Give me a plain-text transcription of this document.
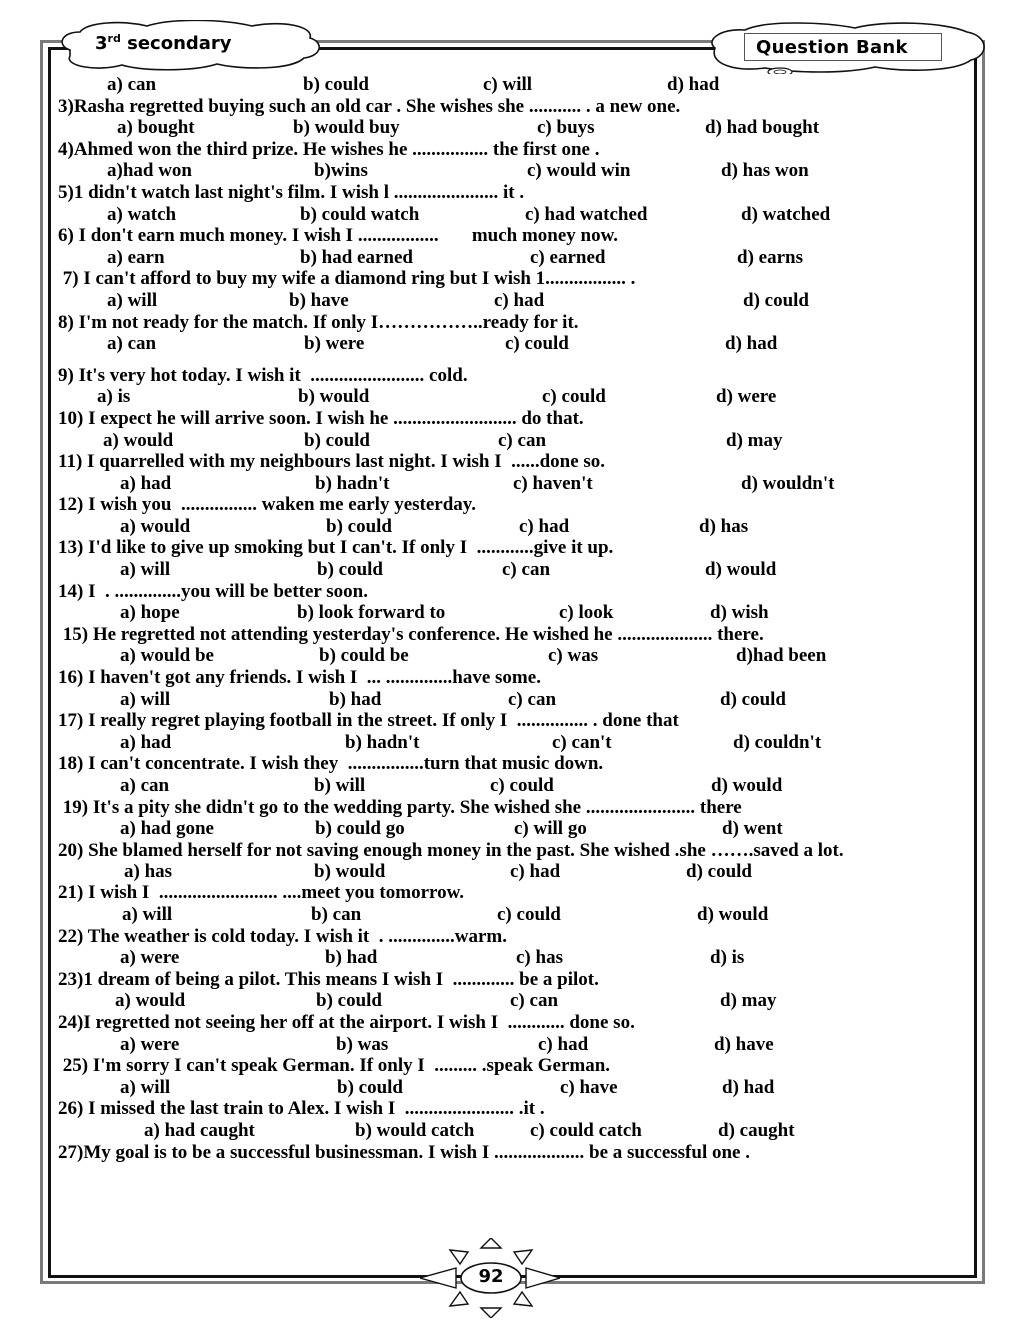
3rd secondary	Question Bank
a) can	b) could	c) will	d) had
3)Rasha regretted buying such an old car . She wishes she ........... . a new one.
a) bought	b) would buy	c) buys	d) had bought
4)Ahmed won the third prize. He wishes he ................ the first one .
a)had won	b)wins	c) would win	d) has won
5)1 didn't watch last night's film. I wish l ...................... it .
a) watch	b) could watch	c) had watched	d) watched
6) I don't earn much money. I wish I .................       much money now.
a) earn	b) had earned	c) earned	d) earns
7) I can't afford to buy my wife a diamond ring but I wish 1................. .
a) will	b) have	c) had	d) could
8) I'm not ready for the match. If only I……………..ready for it.
a) can	b) were	c) could	d) had
9) It's very hot today. I wish it  ........................ cold.
a) is	b) would	c) could	d) were
10) I expect he will arrive soon. I wish he .......................... do that.
a) would	b) could	c) can	d) may
11) I quarrelled with my neighbours last night. I wish I  ......done so.
a) had	b) hadn't	c) haven't	d) wouldn't
12) I wish you  ................ waken me early yesterday.
a) would	b) could	c) had	d) has
13) I'd like to give up smoking but I can't. If only I  ............give it up.
a) will	b) could	c) can	d) would
14) I  . ..............you will be better soon.
a) hope	b) look forward to	c) look	d) wish
15) He regretted not attending yesterday's conference. He wished he .................... there.
a) would be	b) could be	c) was	d)had been
16) I haven't got any friends. I wish I  ... ..............have some.
a) will	b) had	c) can	d) could
17) I really regret playing football in the street. If only I  ............... . done that
a) had	b) hadn't	c) can't	d) couldn't
18) I can't concentrate. I wish they  ................turn that music down.
a) can	b) will	c) could	d) would
19) It's a pity she didn't go to the wedding party. She wished she ....................... there
a) had gone	b) could go	c) will go	d) went
20) She blamed herself for not saving enough money in the past. She wished .she …….saved a lot.
a) has	b) would	c) had	d) could
21) I wish I  ......................... ....meet you tomorrow.
a) will	b) can	c) could	d) would
22) The weather is cold today. I wish it  . ..............warm.
a) were	b) had	c) has	d) is
23)1 dream of being a pilot. This means I wish I  ............. be a pilot.
a) would	b) could	c) can	d) may
24)I regretted not seeing her off at the airport. I wish I  ............ done so.
a) were	b) was	c) had	d) have
25) I'm sorry I can't speak German. If only I  ......... .speak German.
a) will	b) could	c) have	d) had
26) I missed the last train to Alex. I wish I  ....................... .it .
a) had caught	b) would catch	c) could catch	d) caught
27)My goal is to be a successful businessman. I wish I ................... be a successful one .
92
